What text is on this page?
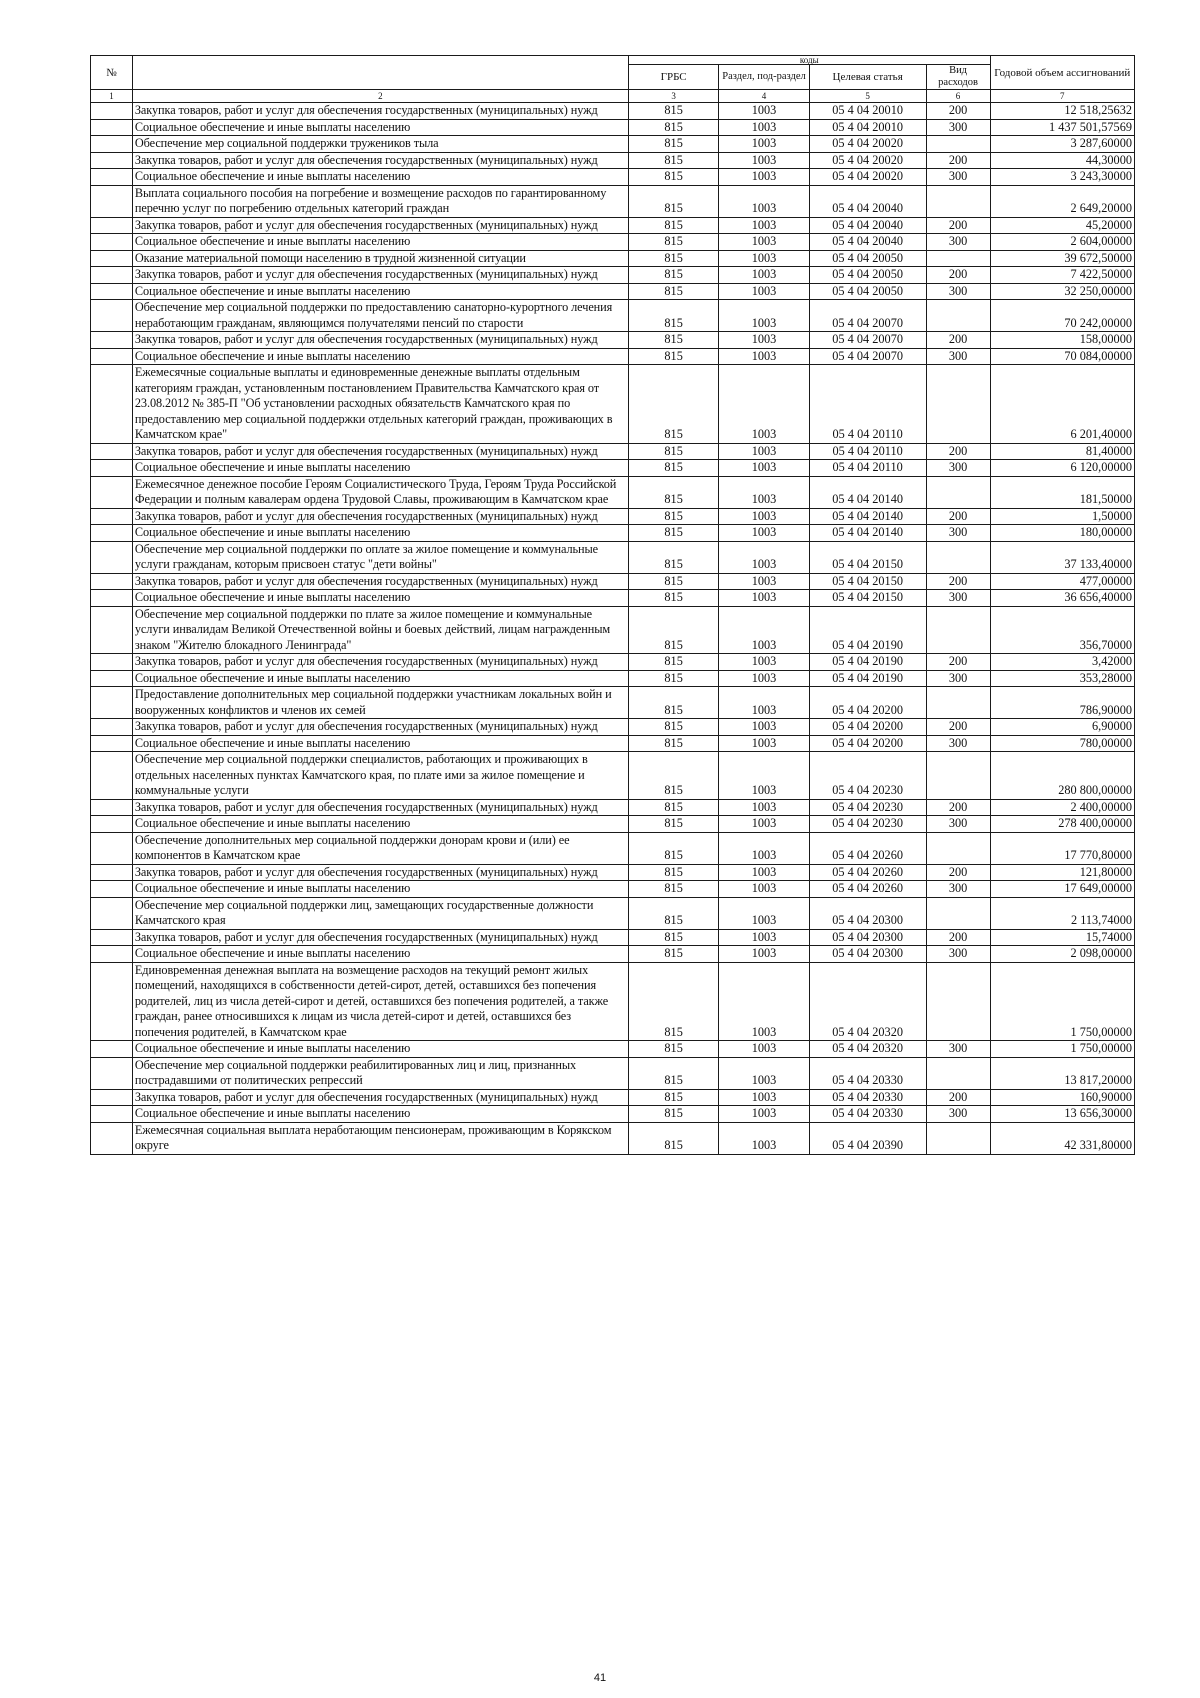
№		коды				Годовой объем ассигнований
		ГРБС	Раздел, под-раздел	Целевая статья	Вид расходов	
1	2	3	4	5	6	7
	Закупка товаров, работ и услуг для обеспечения государственных (муниципальных) нужд	815	1003	05 4 04 20010	200	12 518,25632
	Социальное обеспечение и иные выплаты населению	815	1003	05 4 04 20010	300	1 437 501,57569
	Обеспечение мер социальной поддержки тружеников тыла	815	1003	05 4 04 20020		3 287,60000
	Закупка товаров, работ и услуг для обеспечения государственных (муниципальных) нужд	815	1003	05 4 04 20020	200	44,30000
	Социальное обеспечение и иные выплаты населению	815	1003	05 4 04 20020	300	3 243,30000
	Выплата социального пособия на погребение и возмещение расходов по гарантированному перечню услуг по погребению отдельных категорий граждан	815	1003	05 4 04 20040		2 649,20000
	Закупка товаров, работ и услуг для обеспечения государственных (муниципальных) нужд	815	1003	05 4 04 20040	200	45,20000
	Социальное обеспечение и иные выплаты населению	815	1003	05 4 04 20040	300	2 604,00000
	Оказание материальной помощи населению в трудной жизненной ситуации	815	1003	05 4 04 20050		39 672,50000
	Закупка товаров, работ и услуг для обеспечения государственных (муниципальных) нужд	815	1003	05 4 04 20050	200	7 422,50000
	Социальное обеспечение и иные выплаты населению	815	1003	05 4 04 20050	300	32 250,00000
	Обеспечение мер социальной поддержки по предоставлению санаторно-курортного лечения неработающим гражданам, являющимся получателями пенсий по старости	815	1003	05 4 04 20070		70 242,00000
	Закупка товаров, работ и услуг для обеспечения государственных (муниципальных) нужд	815	1003	05 4 04 20070	200	158,00000
	Социальное обеспечение и иные выплаты населению	815	1003	05 4 04 20070	300	70 084,00000
	Ежемесячные социальные выплаты и единовременные денежные выплаты отдельным категориям граждан, установленным постановлением Правительства Камчатского края от 23.08.2012 № 385-П "Об установлении расходных обязательств Камчатского края по предоставлению мер социальной поддержки отдельных категорий граждан, проживающих в Камчатском крае"	815	1003	05 4 04 20110		6 201,40000
	Закупка товаров, работ и услуг для обеспечения государственных (муниципальных) нужд	815	1003	05 4 04 20110	200	81,40000
	Социальное обеспечение и иные выплаты населению	815	1003	05 4 04 20110	300	6 120,00000
	Ежемесячное денежное пособие Героям Социалистического Труда, Героям Труда Российской Федерации и полным кавалерам ордена Трудовой Славы, проживающим в Камчатском крае	815	1003	05 4 04 20140		181,50000
	Закупка товаров, работ и услуг для обеспечения государственных (муниципальных) нужд	815	1003	05 4 04 20140	200	1,50000
	Социальное обеспечение и иные выплаты населению	815	1003	05 4 04 20140	300	180,00000
	Обеспечение мер социальной поддержки по оплате за жилое помещение и коммунальные услуги гражданам, которым присвоен статус "дети войны"	815	1003	05 4 04 20150		37 133,40000
	Закупка товаров, работ и услуг для обеспечения государственных (муниципальных) нужд	815	1003	05 4 04 20150	200	477,00000
	Социальное обеспечение и иные выплаты населению	815	1003	05 4 04 20150	300	36 656,40000
	Обеспечение мер социальной поддержки по плате за жилое помещение и коммунальные услуги инвалидам Великой Отечественной войны и боевых действий, лицам награжденным знаком "Жителю блокадного Ленинграда"	815	1003	05 4 04 20190		356,70000
	Закупка товаров, работ и услуг для обеспечения государственных (муниципальных) нужд	815	1003	05 4 04 20190	200	3,42000
	Социальное обеспечение и иные выплаты населению	815	1003	05 4 04 20190	300	353,28000
	Предоставление дополнительных мер социальной поддержки участникам локальных войн и вооруженных конфликтов и членов их семей	815	1003	05 4 04 20200		786,90000
	Закупка товаров, работ и услуг для обеспечения государственных (муниципальных) нужд	815	1003	05 4 04 20200	200	6,90000
	Социальное обеспечение и иные выплаты населению	815	1003	05 4 04 20200	300	780,00000
	Обеспечение мер социальной поддержки специалистов, работающих и проживающих в отдельных населенных пунктах Камчатского края, по плате ими за жилое помещение и коммунальные услуги	815	1003	05 4 04 20230		280 800,00000
	Закупка товаров, работ и услуг для обеспечения государственных (муниципальных) нужд	815	1003	05 4 04 20230	200	2 400,00000
	Социальное обеспечение и иные выплаты населению	815	1003	05 4 04 20230	300	278 400,00000
	Обеспечение дополнительных мер социальной поддержки донорам крови и (или) ее компонентов в Камчатском крае	815	1003	05 4 04 20260		17 770,80000
	Закупка товаров, работ и услуг для обеспечения государственных (муниципальных) нужд	815	1003	05 4 04 20260	200	121,80000
	Социальное обеспечение и иные выплаты населению	815	1003	05 4 04 20260	300	17 649,00000
	Обеспечение мер социальной поддержки лиц, замещающих государственные должности Камчатского края	815	1003	05 4 04 20300		2 113,74000
	Закупка товаров, работ и услуг для обеспечения государственных (муниципальных) нужд	815	1003	05 4 04 20300	200	15,74000
	Социальное обеспечение и иные выплаты населению	815	1003	05 4 04 20300	300	2 098,00000
	Единовременная денежная выплата на возмещение расходов на текущий ремонт жилых помещений, находящихся в собственности детей-сирот, детей, оставшихся без попечения родителей, лиц из числа детей-сирот и детей, оставшихся без попечения родителей, а также граждан, ранее относившихся к лицам из числа детей-сирот и детей, оставшихся без попечения родителей, в Камчатском крае	815	1003	05 4 04 20320		1 750,00000
	Социальное обеспечение и иные выплаты населению	815	1003	05 4 04 20320	300	1 750,00000
	Обеспечение мер социальной поддержки реабилитированных лиц и лиц, признанных пострадавшими от политических репрессий	815	1003	05 4 04 20330		13 817,20000
	Закупка товаров, работ и услуг для обеспечения государственных (муниципальных) нужд	815	1003	05 4 04 20330	200	160,90000
	Социальное обеспечение и иные выплаты населению	815	1003	05 4 04 20330	300	13 656,30000
	Ежемесячная социальная выплата неработающим пенсионерам, проживающим в Корякском округе	815	1003	05 4 04 20390		42 331,80000
41
